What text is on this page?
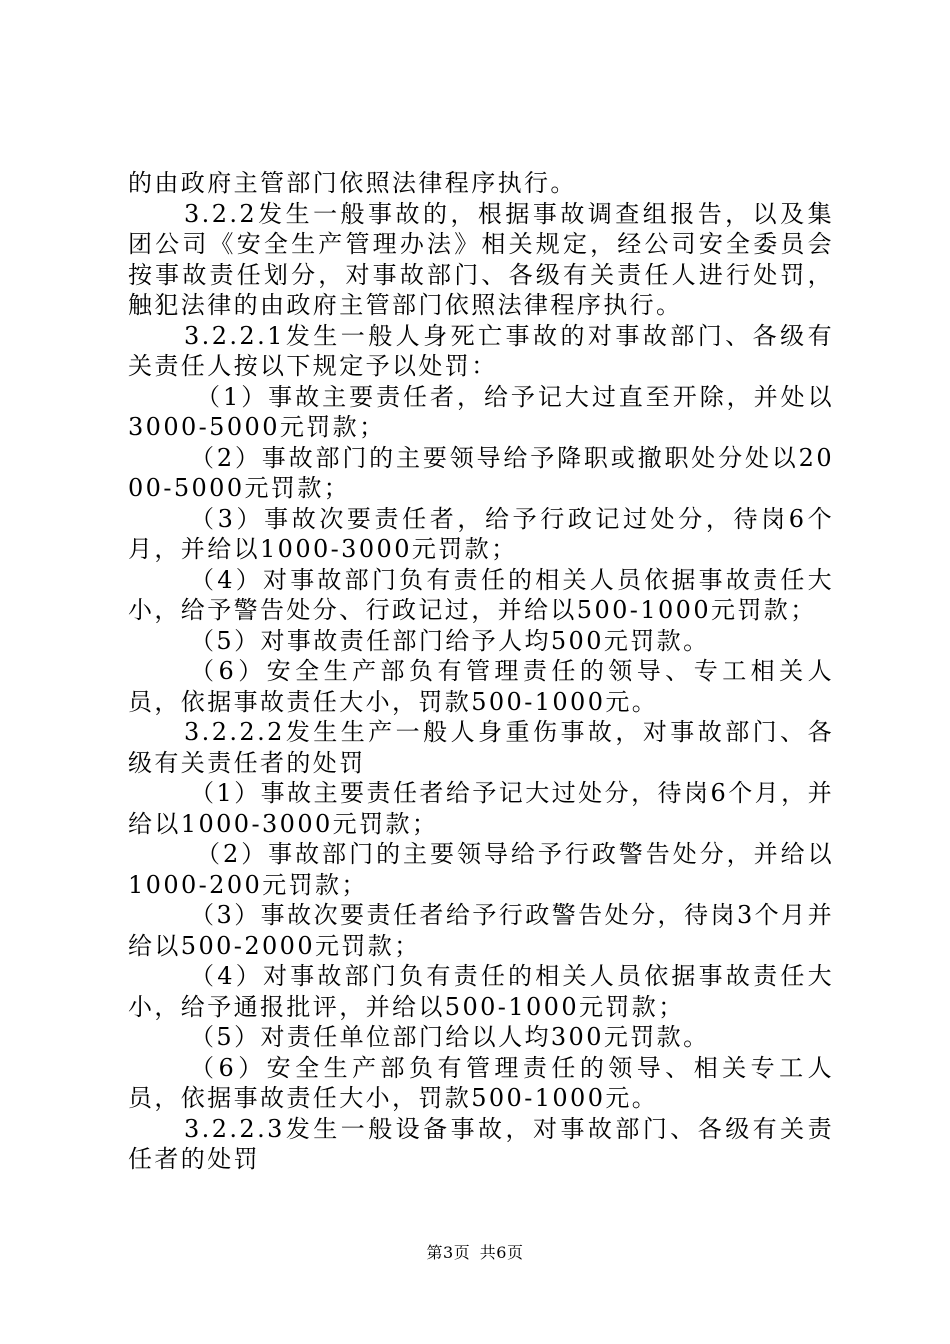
的由政府主管部门依照法律程序执行。

3.2.2发生一般事故的，根据事故调查组报告，以及集团公司《安全生产管理办法》相关规定，经公司安全委员会按事故责任划分，对事故部门、各级有关责任人进行处罚，触犯法律的由政府主管部门依照法律程序执行。

3.2.2.1发生一般人身死亡事故的对事故部门、各级有关责任人按以下规定予以处罚：

（1）事故主要责任者，给予记大过直至开除，并处以3000-5000元罚款；

（2）事故部门的主要领导给予降职或撤职处分处以2000-5000元罚款；

（3）事故次要责任者，给予行政记过处分，待岗6个月，并给以1000-3000元罚款；

（4）对事故部门负有责任的相关人员依据事故责任大小，给予警告处分、行政记过，并给以500-1000元罚款；

（5）对事故责任部门给予人均500元罚款。

（6）安全生产部负有管理责任的领导、专工相关人员，依据事故责任大小，罚款500-1000元。

3.2.2.2发生生产一般人身重伤事故，对事故部门、各级有关责任者的处罚

（1）事故主要责任者给予记大过处分，待岗6个月，并给以1000-3000元罚款；

（2）事故部门的主要领导给予行政警告处分，并给以1000-200元罚款；

（3）事故次要责任者给予行政警告处分，待岗3个月并给以500-2000元罚款；

（4）对事故部门负有责任的相关人员依据事故责任大小，给予通报批评，并给以500-1000元罚款；

（5）对责任单位部门给以人均300元罚款。

（6）安全生产部负有管理责任的领导、相关专工人员，依据事故责任大小，罚款500-1000元。

3.2.2.3发生一般设备事故，对事故部门、各级有关责任者的处罚

第3页 共6页
